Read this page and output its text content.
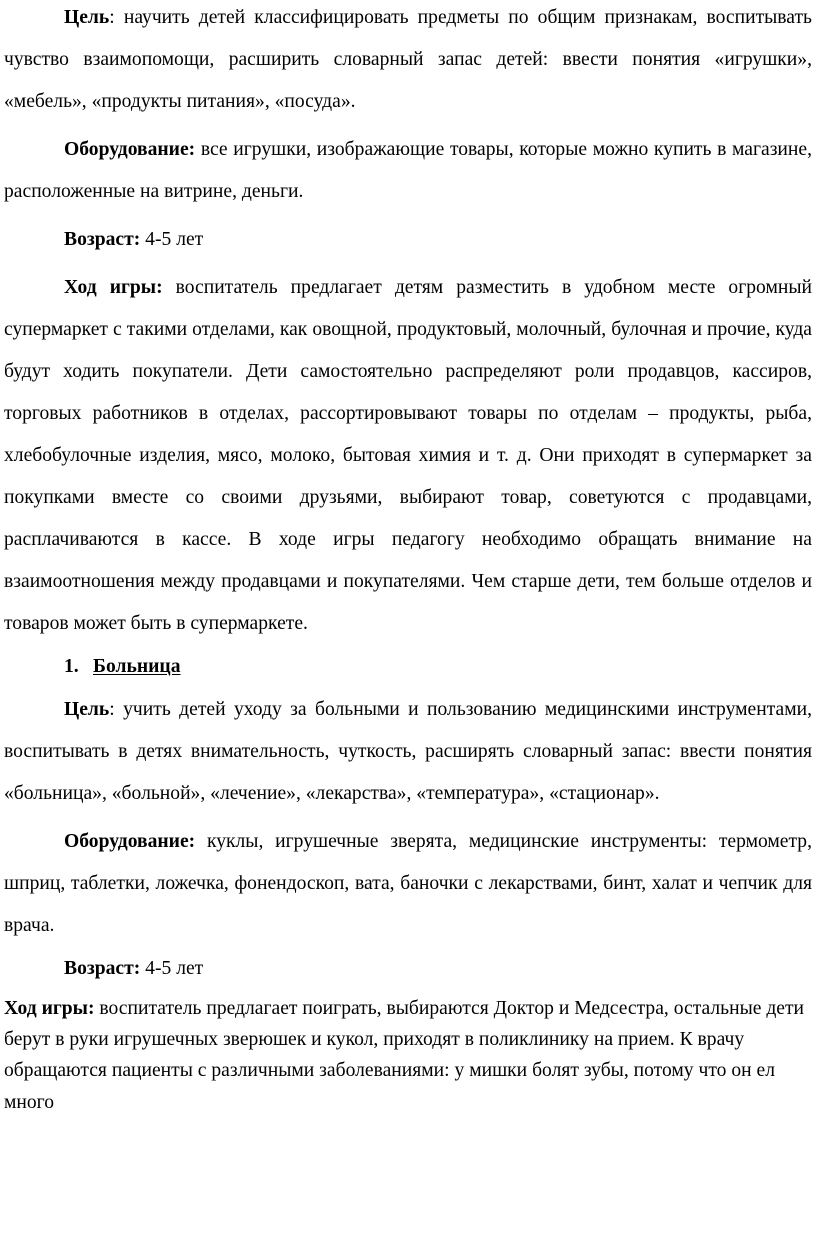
Цель: научить детей классифицировать предметы по общим признакам, воспитывать чувство взаимопомощи, расширить словарный запас детей: ввести понятия «игрушки», «мебель», «продукты питания», «посуда».

Оборудование: все игрушки, изображающие товары, которые можно купить в магазине, расположенные на витрине, деньги.

Возраст: 4-5 лет

Ход игры: воспитатель предлагает детям разместить в удобном месте огромный супермаркет с такими отделами, как овощной, продуктовый, молочный, булочная и прочие, куда будут ходить покупатели. Дети самостоятельно распределяют роли продавцов, кассиров, торговых работников в отделах, рассортировывают товары по отделам – продукты, рыба, хлебобулочные изделия, мясо, молоко, бытовая химия и т. д. Они приходят в супермаркет за покупками вместе со своими друзьями, выбирают товар, советуются с продавцами, расплачиваются в кассе. В ходе игры педагогу необходимо обращать внимание на взаимоотношения между продавцами и покупателями. Чем старше дети, тем больше отделов и товаров может быть в супермаркете.

1. Больница

Цель: учить детей уходу за больными и пользованию медицинскими инструментами, воспитывать в детях внимательность, чуткость, расширять словарный запас: ввести понятия «больница», «больной», «лечение», «лекарства», «температура», «стационар».

Оборудование: куклы, игрушечные зверята, медицинские инструменты: термометр, шприц, таблетки, ложечка, фонендоскоп, вата, баночки с лекарствами, бинт, халат и чепчик для врача.

Возраст: 4-5 лет

Ход игры: воспитатель предлагает поиграть, выбираются Доктор и Медсестра, остальные дети берут в руки игрушечных зверюшек и кукол, приходят в поликлинику на прием. К врачу обращаются пациенты с различными заболеваниями: у мишки болят зубы, потому что он ел много
